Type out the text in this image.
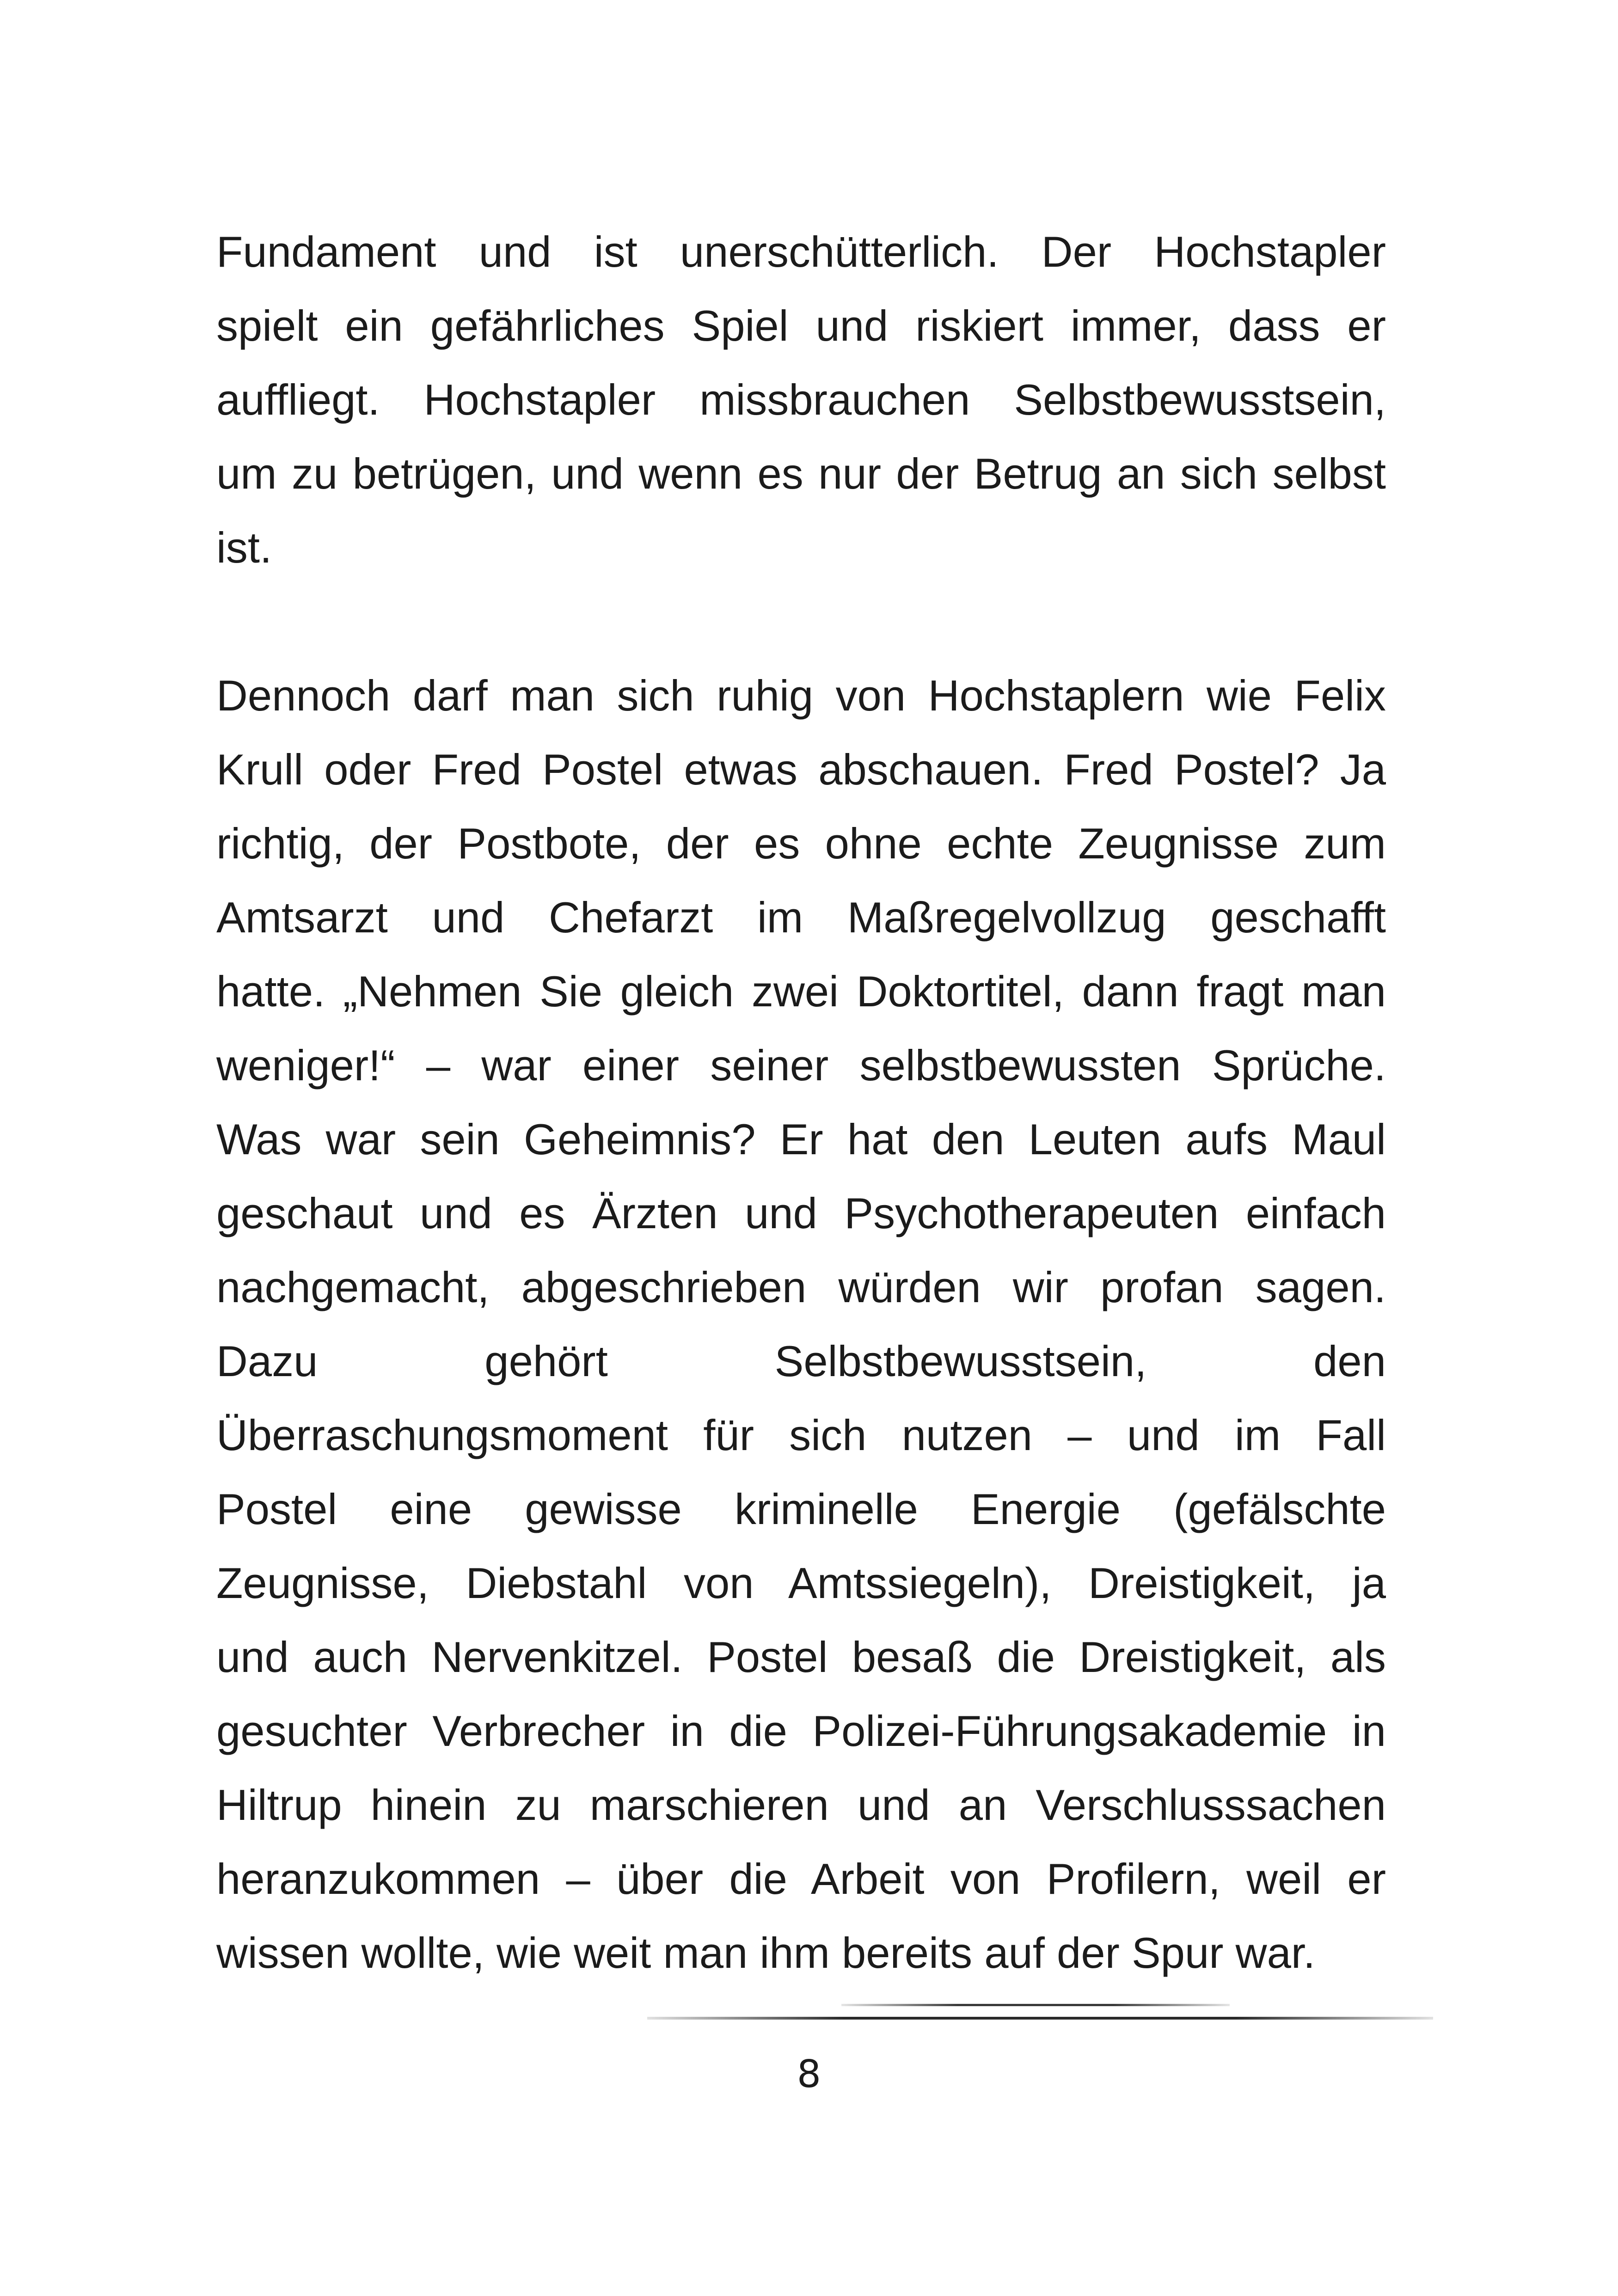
Fundament und ist unerschütterlich. Der Hochstapler
spielt ein gefährliches Spiel und riskiert immer, dass er
auffliegt. Hochstapler missbrauchen Selbstbewusstsein,
um zu betrügen, und wenn es nur der Betrug an sich selbst
ist.
Dennoch darf man sich ruhig von Hochstaplern wie Felix
Krull oder Fred Postel etwas abschauen. Fred Postel? Ja
richtig, der Postbote, der es ohne echte Zeugnisse zum
Amtsarzt und Chefarzt im Maßregelvollzug geschafft
hatte. „Nehmen Sie gleich zwei Doktortitel, dann fragt man
weniger!“ – war einer seiner selbstbewussten Sprüche.
Was war sein Geheimnis? Er hat den Leuten aufs Maul
geschaut und es Ärzten und Psychotherapeuten einfach
nachgemacht, abgeschrieben würden wir profan sagen.
Dazu gehört Selbstbewusstsein, den
Überraschungsmoment für sich nutzen – und im Fall
Postel eine gewisse kriminelle Energie (gefälschte
Zeugnisse, Diebstahl von Amtssiegeln), Dreistigkeit, ja
und auch Nervenkitzel. Postel besaß die Dreistigkeit, als
gesuchter Verbrecher in die Polizei-Führungsakademie in
Hiltrup hinein zu marschieren und an Verschlusssachen
heranzukommen – über die Arbeit von Profilern, weil er
wissen wollte, wie weit man ihm bereits auf der Spur war.
8
